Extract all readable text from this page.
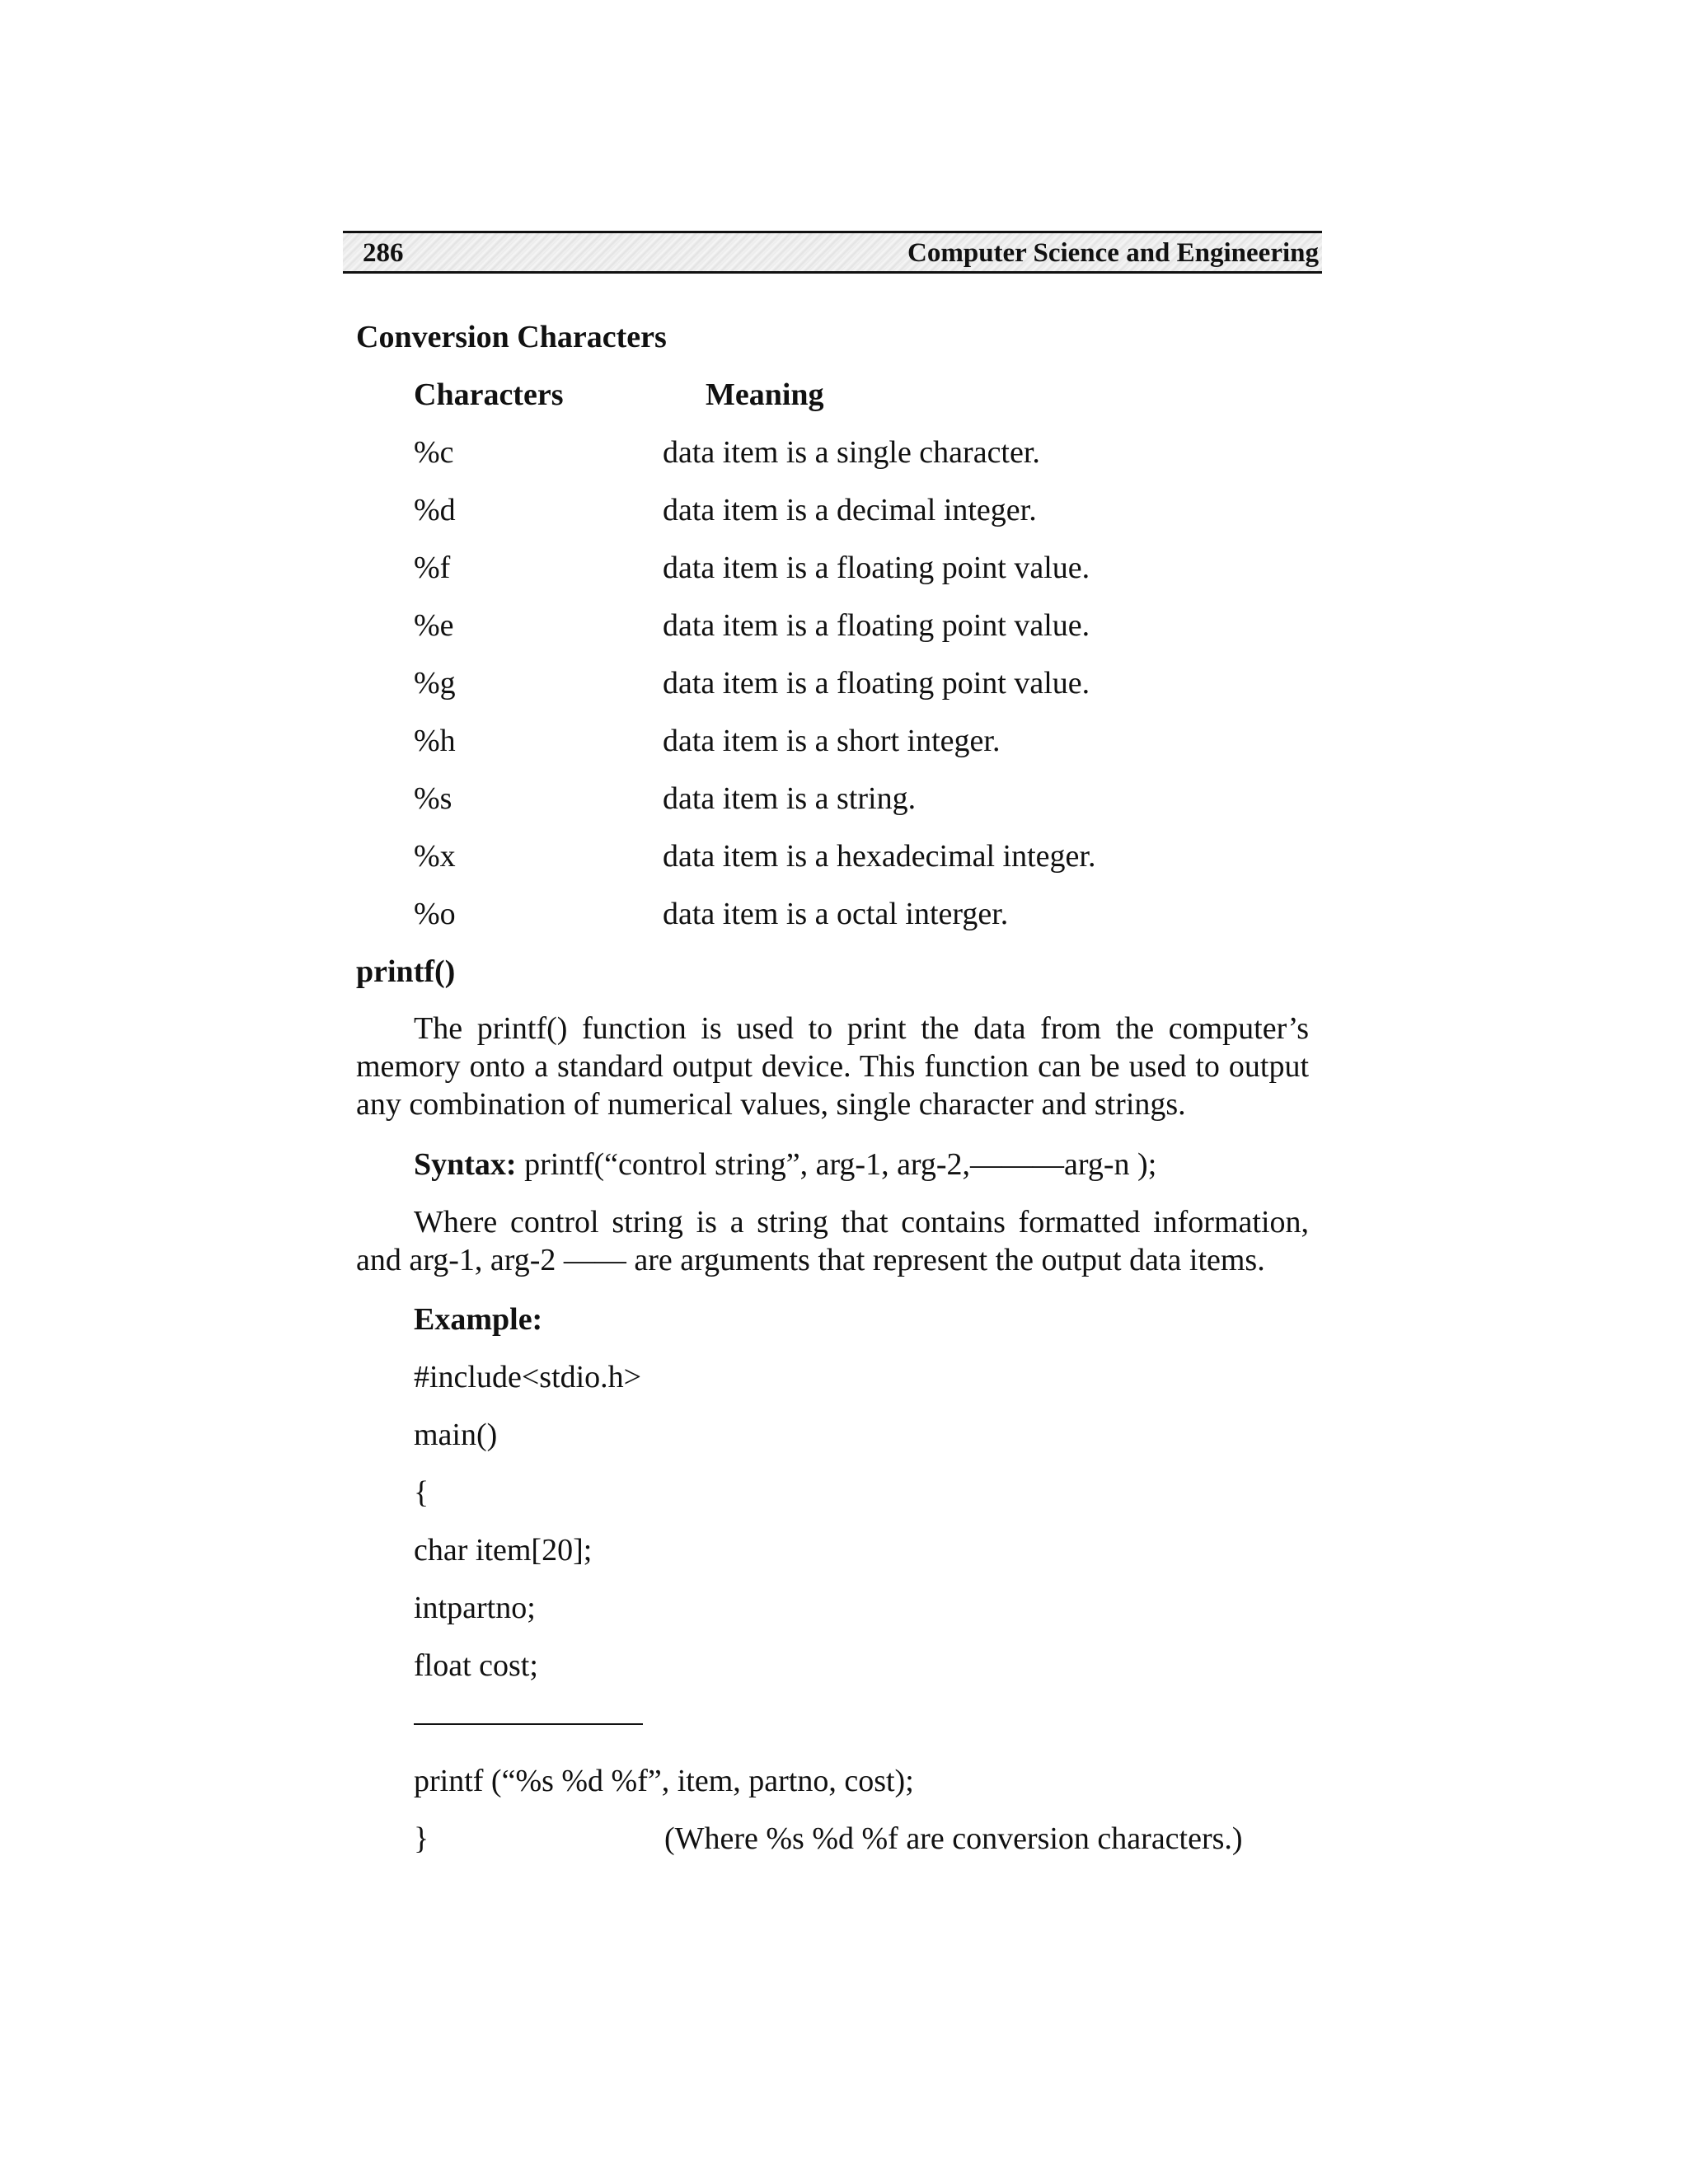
286	Computer Science and Engineering
Conversion Characters
Characters	Meaning
%c	data item is a single character.
%d	data item is a decimal integer.
%f	data item is a floating point value.
%e	data item is a floating point value.
%g	data item is a floating point value.
%h	data item is a short integer.
%s	data item is a string.
%x	data item is a hexadecimal integer.
%o	data item is a octal interger.
printf()
The printf() function is used to print the data from the computer’s memory onto a standard output device. This function can be used to output any combination of numerical values, single character and strings.
Syntax: printf(“control string”, arg-1, arg-2,———arg-n );
Where control string is a string that contains formatted information, and arg-1, arg-2 —— are arguments that represent the output data items.
Example:
#include<stdio.h>
main()
{
char item[20];
intpartno;
float cost;
printf (“%s %d %f”, item, partno, cost);
}	(Where %s %d %f are conversion characters.)
